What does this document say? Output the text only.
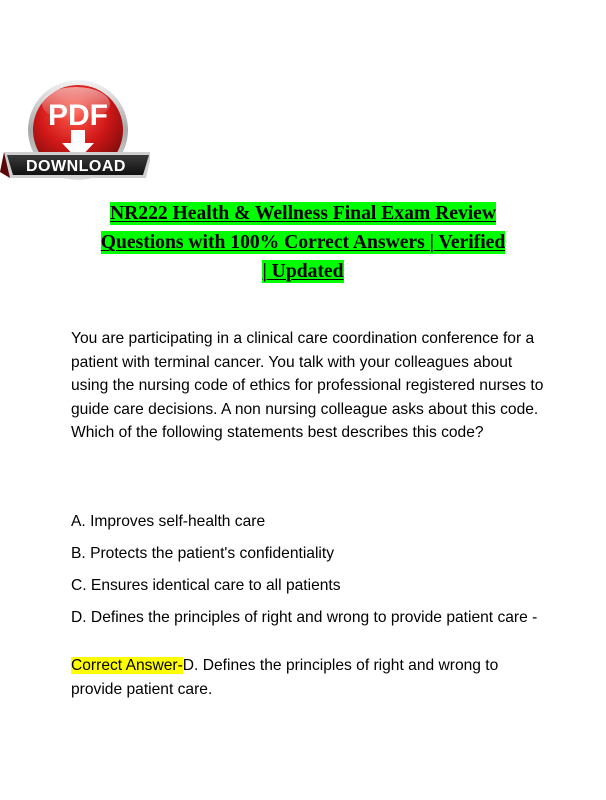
PDF
DOWNLOAD
NR222 Health & Wellness Final Exam Review
Questions with 100% Correct Answers | Verified
| Updated

You are participating in a clinical care coordination conference for a patient with terminal cancer. You talk with your colleagues about using the nursing code of ethics for professional registered nurses to guide care decisions. A non nursing colleague asks about this code. Which of the following statements best describes this code?

A. Improves self-health care
B. Protects the patient's confidentiality
C. Ensures identical care to all patients
D. Defines the principles of right and wrong to provide patient care -

Correct Answer-D. Defines the principles of right and wrong to provide patient care.
